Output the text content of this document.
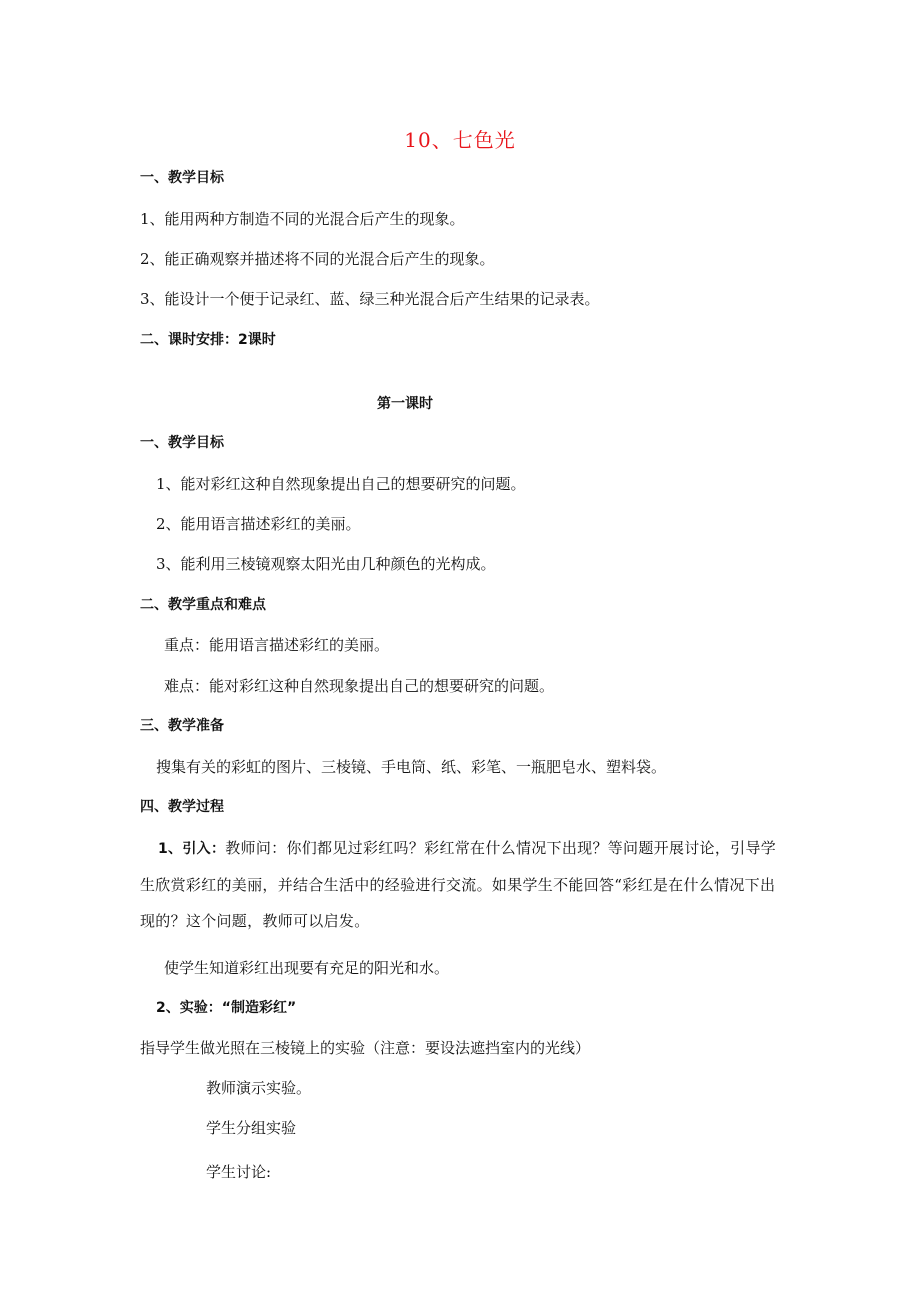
10、七色光
一、教学目标
1、能用两种方制造不同的光混合后产生的现象。
2、能正确观察并描述将不同的光混合后产生的现象。
3、能设计一个便于记录红、蓝、绿三种光混合后产生结果的记录表。
二、课时安排：2课时
第一课时
一、教学目标
1、能对彩红这种自然现象提出自己的想要研究的问题。
2、能用语言描述彩红的美丽。
3、能利用三棱镜观察太阳光由几种颜色的光构成。
二、教学重点和难点
重点：能用语言描述彩红的美丽。
难点：能对彩红这种自然现象提出自己的想要研究的问题。
三、教学准备
搜集有关的彩虹的图片、三棱镜、手电筒、纸、彩笔、一瓶肥皂水、塑料袋。
四、教学过程
1、引入：教师问：你们都见过彩红吗？彩红常在什么情况下出现？等问题开展讨论，引导学生欣赏彩红的美丽，并结合生活中的经验进行交流。如果学生不能回答“彩红是在什么情况下出现的？这个问题，教师可以启发。
使学生知道彩红出现要有充足的阳光和水。
2、实验：“制造彩红”
指导学生做光照在三棱镜上的实验（注意：要设法遮挡室内的光线）
教师演示实验。
学生分组实验
学生讨论:
